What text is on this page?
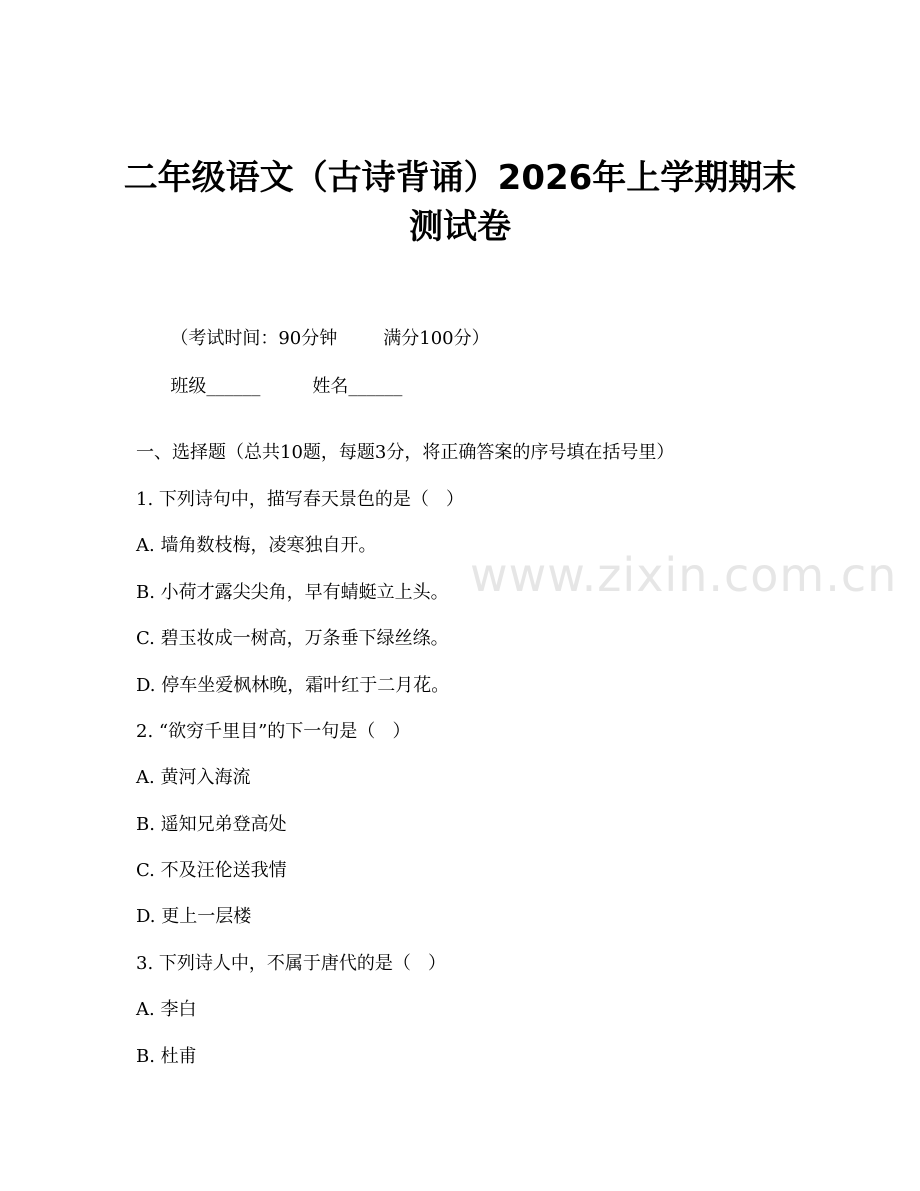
www.zixin.com.cn
二年级语文（古诗背诵）2026年上学期期末
测试卷

（考试时间：90分钟	满分100分）

班级______	姓名______

一、选择题（总共10题，每题3分，将正确答案的序号填在括号里）
1. 下列诗句中，描写春天景色的是（   ）
A. 墙角数枝梅，凌寒独自开。
B. 小荷才露尖尖角，早有蜻蜓立上头。
C. 碧玉妆成一树高，万条垂下绿丝绦。
D. 停车坐爱枫林晚，霜叶红于二月花。
2. “欲穷千里目”的下一句是（   ）
A. 黄河入海流
B. 遥知兄弟登高处
C. 不及汪伦送我情
D. 更上一层楼
3. 下列诗人中，不属于唐代的是（   ）
A. 李白
B. 杜甫
